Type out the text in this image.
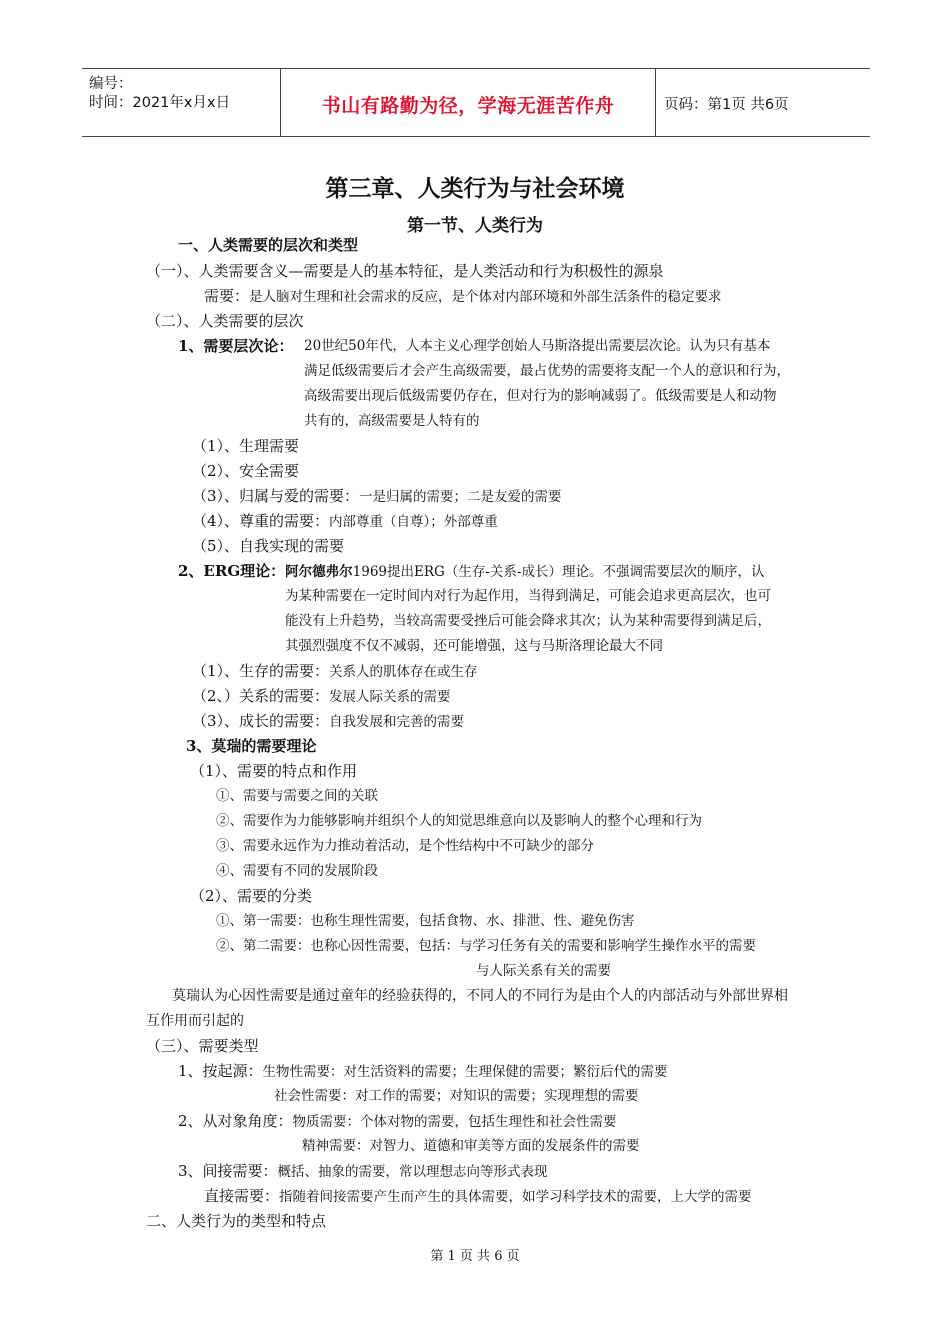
编号：
时间：2021年x月x日	书山有路勤为径，学海无涯苦作舟	页码：第1页 共6页
第三章、人类行为与社会环境
第一节、人类行为
一、人类需要的层次和类型
（一）、人类需要含义—需要是人的基本特征，是人类活动和行为积极性的源泉
需要：是人脑对生理和社会需求的反应，是个体对内部环境和外部生活条件的稳定要求
（二）、人类需要的层次
1、需要层次论： 20世纪50年代，人本主义心理学创始人马斯洛提出需要层次论。认为只有基本
满足低级需要后才会产生高级需要，最占优势的需要将支配一个人的意识和行为，
高级需要出现后低级需要仍存在，但对行为的影响减弱了。低级需要是人和动物
共有的，高级需要是人特有的
（1）、生理需要
（2）、安全需要
（3）、归属与爱的需要：一是归属的需要；二是友爱的需要
（4）、尊重的需要：内部尊重（自尊）；外部尊重
（5）、自我实现的需要
2、ERG理论：阿尔德弗尔1969提出ERG（生存-关系-成长）理论。不强调需要层次的顺序，认
为某种需要在一定时间内对行为起作用，当得到满足，可能会追求更高层次，也可
能没有上升趋势，当较高需要受挫后可能会降求其次；认为某种需要得到满足后，
其强烈强度不仅不减弱，还可能增强，这与马斯洛理论最大不同
（1）、生存的需要：关系人的肌体存在或生存
（2、）关系的需要：发展人际关系的需要
（3）、成长的需要：自我发展和完善的需要
3、莫瑞的需要理论
（1）、需要的特点和作用
①、需要与需要之间的关联
②、需要作为力能够影响并组织个人的知觉思维意向以及影响人的整个心理和行为
③、需要永远作为力推动着活动，是个性结构中不可缺少的部分
④、需要有不同的发展阶段
（2）、需要的分类
①、第一需要：也称生理性需要，包括食物、水、排泄、性、避免伤害
②、第二需要：也称心因性需要，包括：与学习任务有关的需要和影响学生操作水平的需要
与人际关系有关的需要
莫瑞认为心因性需要是通过童年的经验获得的，不同人的不同行为是由个人的内部活动与外部世界相
互作用而引起的
（三）、需要类型
1、按起源：生物性需要：对生活资料的需要；生理保健的需要；繁衍后代的需要
社会性需要：对工作的需要；对知识的需要；实现理想的需要
2、从对象角度：物质需要：个体对物的需要，包括生理性和社会性需要
精神需要：对智力、道德和审美等方面的发展条件的需要
3、间接需要：概括、抽象的需要，常以理想志向等形式表现
直接需要：指随着间接需要产生而产生的具体需要，如学习科学技术的需要，上大学的需要
二、人类行为的类型和特点
第 1 页 共 6 页
